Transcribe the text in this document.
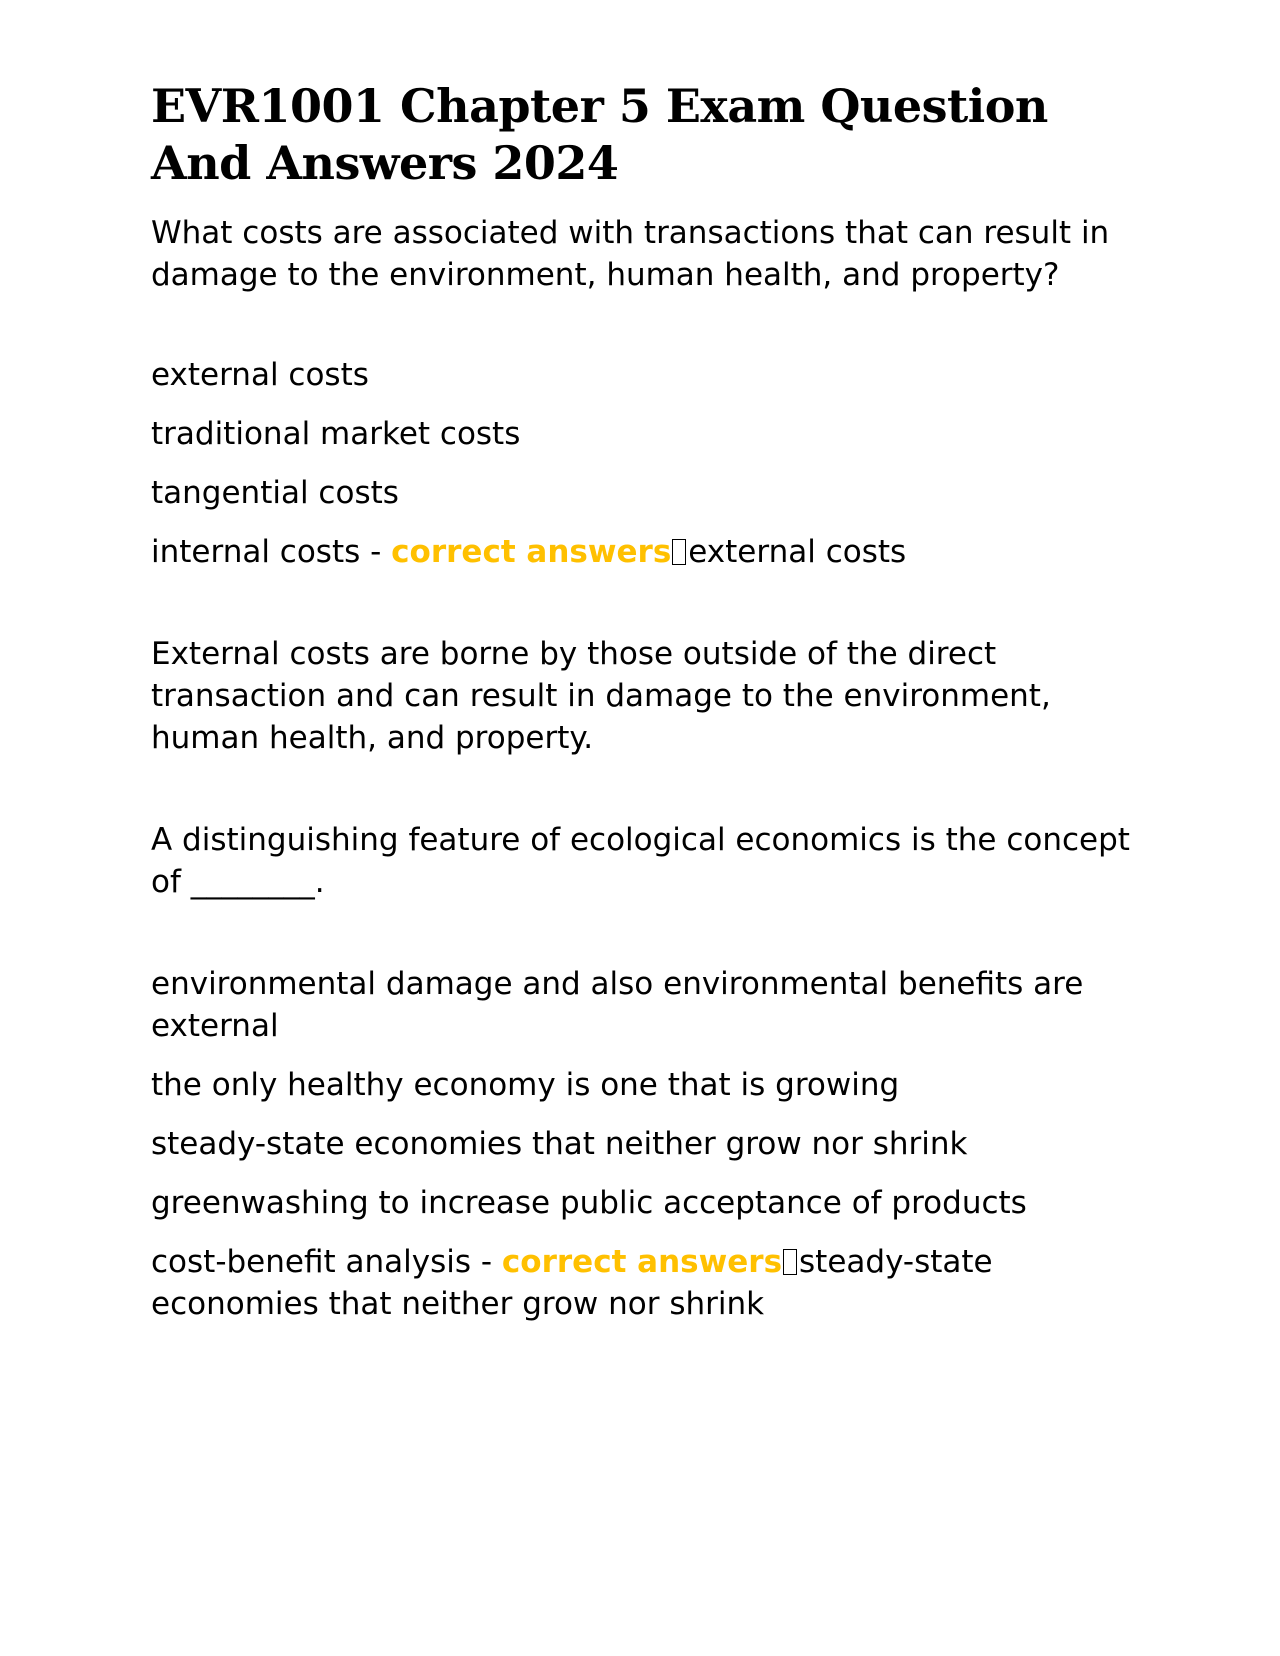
EVR1001 Chapter 5 Exam Question And Answers 2024

What costs are associated with transactions that can result in damage to the environment, human health, and property?

external costs

traditional market costs

tangential costs

internal costs - correct answers external costs

External costs are borne by those outside of the direct transaction and can result in damage to the environment, human health, and property.

A distinguishing feature of ecological economics is the concept of ________.

environmental damage and also environmental benefits are external

the only healthy economy is one that is growing

steady-state economies that neither grow nor shrink

greenwashing to increase public acceptance of products

cost-benefit analysis - correct answers steady-state economies that neither grow nor shrink
